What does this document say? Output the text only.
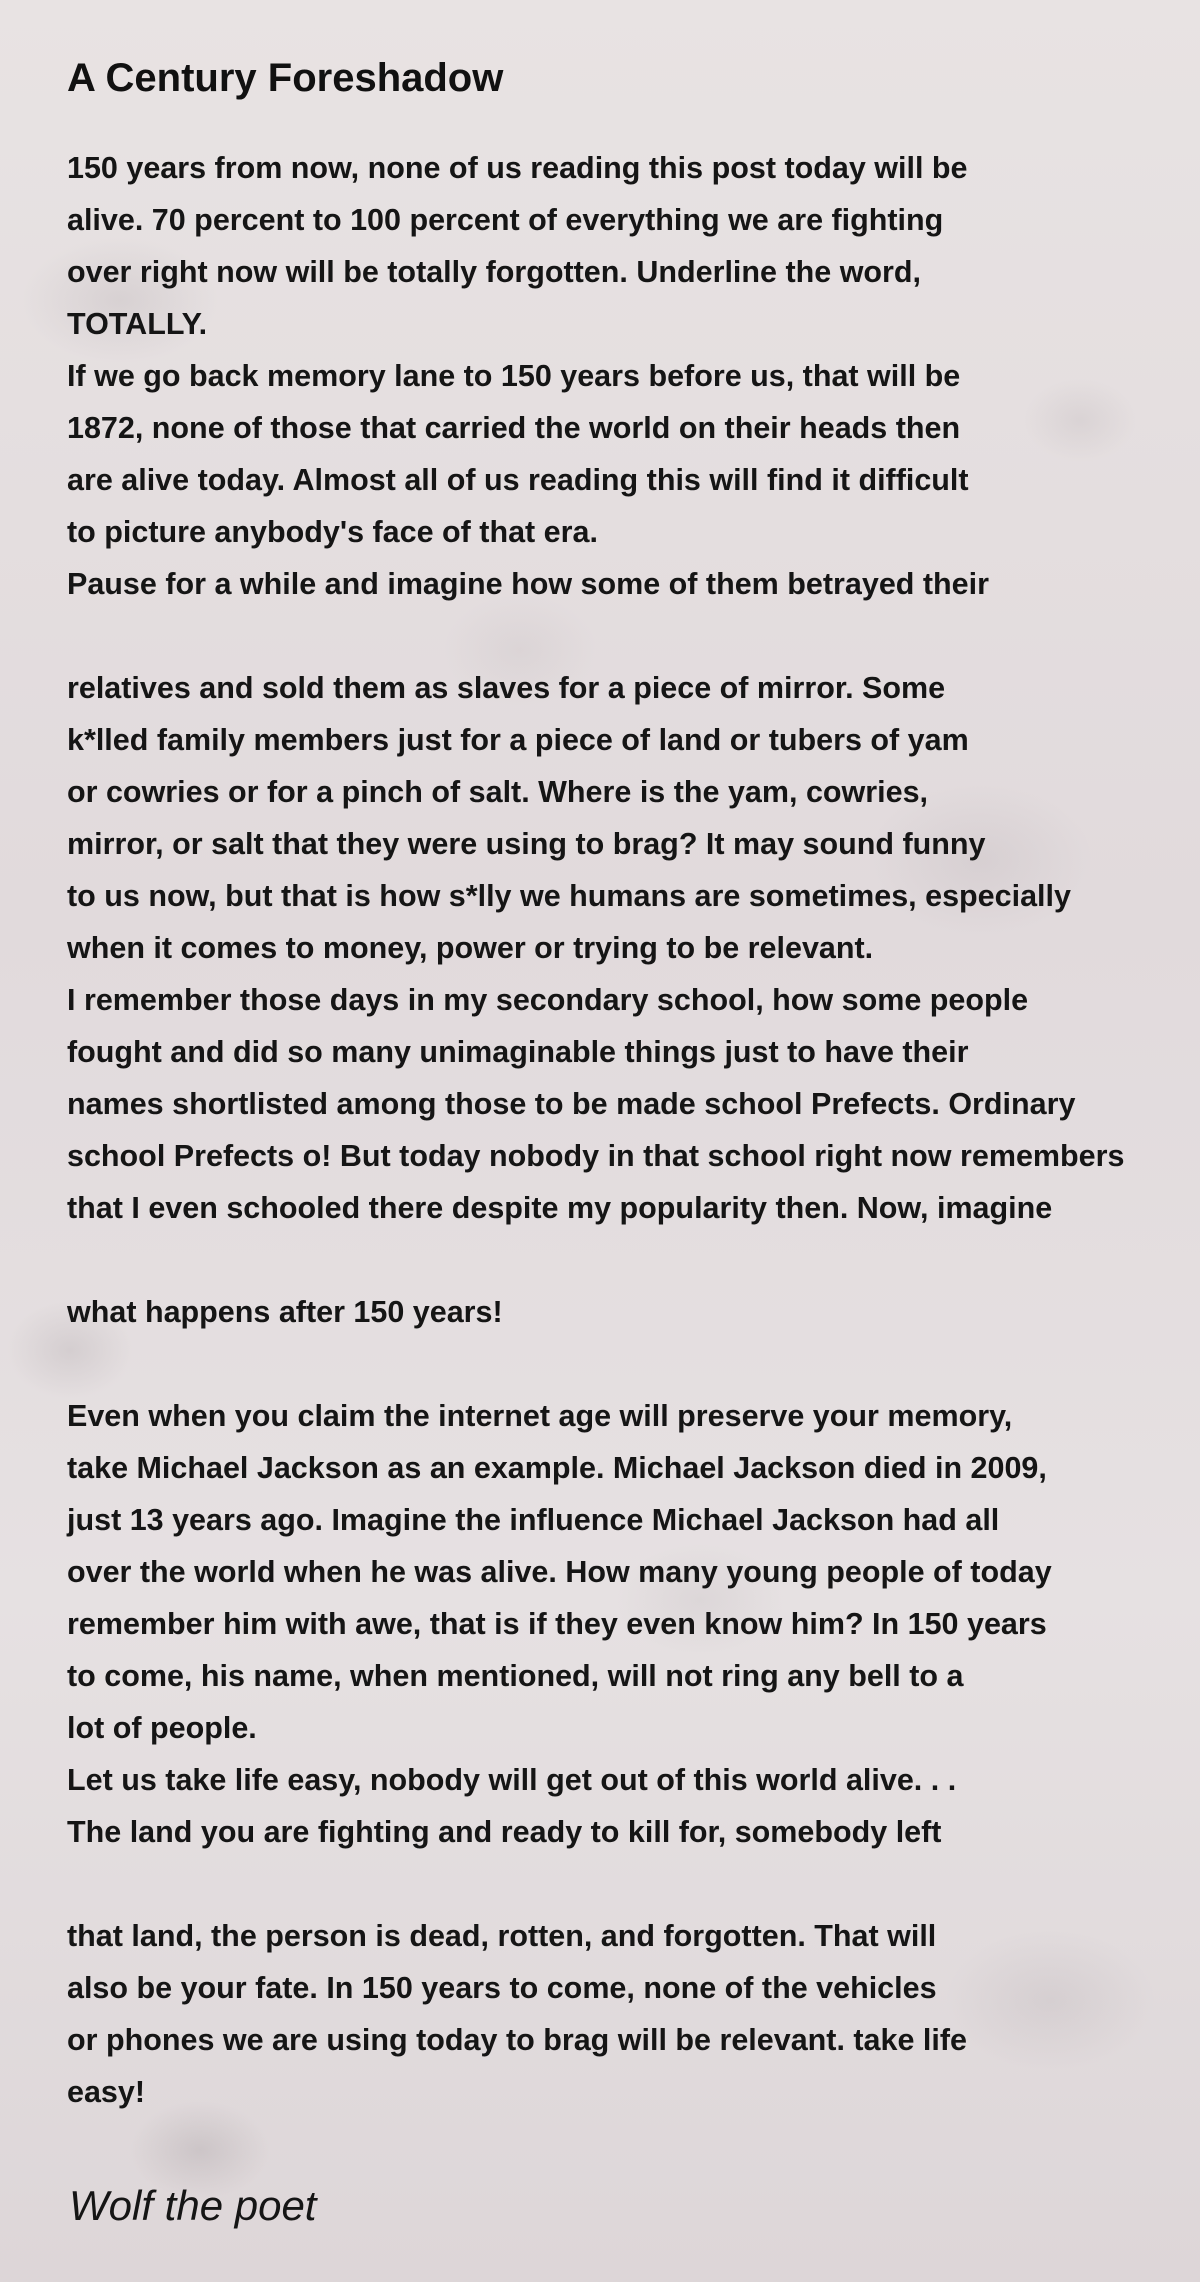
A Century Foreshadow
150 years from now, none of us reading this post today will be
alive. 70 percent to 100 percent of everything we are fighting
over right now will be totally forgotten. Underline the word,
TOTALLY.
If we go back memory lane to 150 years before us, that will be
1872, none of those that carried the world on their heads then
are alive today. Almost all of us reading this will find it difficult
to picture anybody's face of that era.
Pause for a while and imagine how some of them betrayed their
relatives and sold them as slaves for a piece of mirror. Some
k*lled family members just for a piece of land or tubers of yam
or cowries or for a pinch of salt. Where is the yam, cowries,
mirror, or salt that they were using to brag? It may sound funny
to us now, but that is how s*lly we humans are sometimes, especially
when it comes to money, power or trying to be relevant.
I remember those days in my secondary school, how some people
fought and did so many unimaginable things just to have their
names shortlisted among those to be made school Prefects. Ordinary
school Prefects o! But today nobody in that school right now remembers
that I even schooled there despite my popularity then. Now, imagine
what happens after 150 years!
Even when you claim the internet age will preserve your memory,
take Michael Jackson as an example. Michael Jackson died in 2009,
just 13 years ago. Imagine the influence Michael Jackson had all
over the world when he was alive. How many young people of today
remember him with awe, that is if they even know him? In 150 years
to come, his name, when mentioned, will not ring any bell to a
lot of people.
Let us take life easy, nobody will get out of this world alive. . .
The land you are fighting and ready to kill for, somebody left
that land, the person is dead, rotten, and forgotten. That will
also be your fate. In 150 years to come, none of the vehicles
or phones we are using today to brag will be relevant. take life
easy!

Wolf the poet
